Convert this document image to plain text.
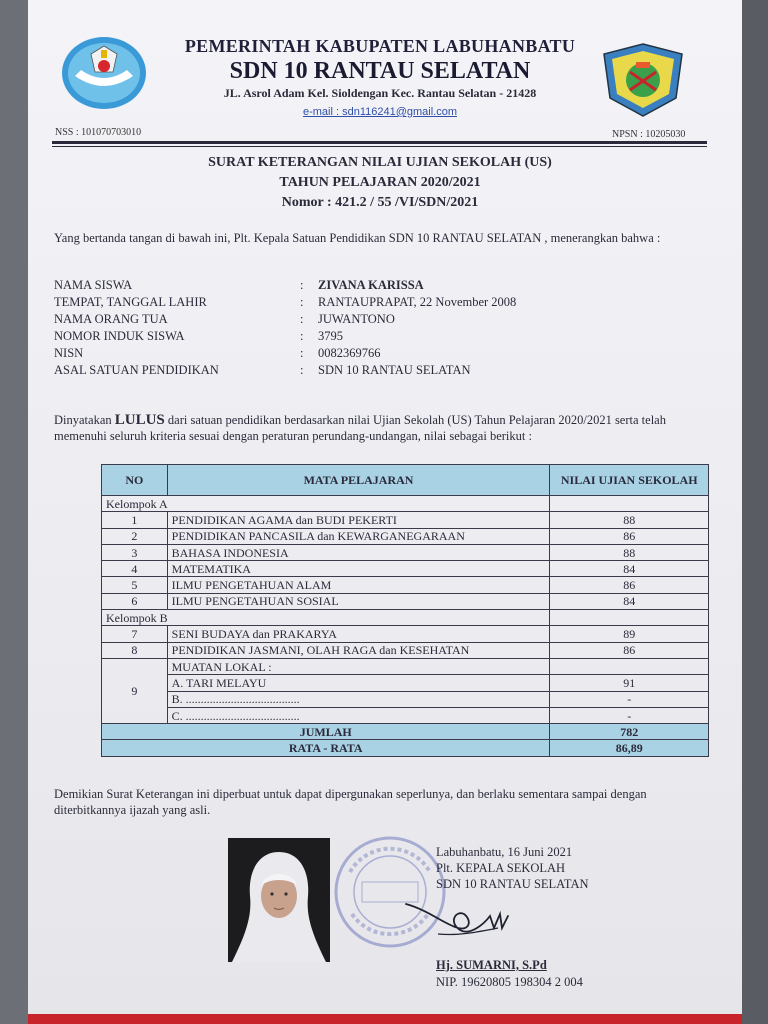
PEMERINTAH KABUPATEN LABUHANBATU
SDN 10 RANTAU SELATAN
JL. Asrol Adam Kel. Sioldengan Kec. Rantau Selatan - 21428
e-mail : sdn116241@gmail.com
NSS : 101070703010	NPSN : 10205030
SURAT KETERANGAN NILAI UJIAN SEKOLAH (US)
TAHUN PELAJARAN 2020/2021
Nomor : 421.2 / 55 /VI/SDN/2021
Yang bertanda tangan di bawah ini, Plt. Kepala Satuan Pendidikan SDN 10 RANTAU SELATAN , menerangkan bahwa :
NAMA SISWA	: ZIVANA KARISSA
TEMPAT, TANGGAL LAHIR	: RANTAUPRAPAT, 22 November 2008
NAMA ORANG TUA	: JUWANTONO
NOMOR INDUK SISWA	: 3795
NISN	: 0082369766
ASAL SATUAN PENDIDIKAN	: SDN 10 RANTAU SELATAN
Dinyatakan LULUS dari satuan pendidikan berdasarkan nilai Ujian Sekolah (US) Tahun Pelajaran 2020/2021 serta telah memenuhi seluruh kriteria sesuai dengan peraturan perundang-undangan, nilai sebagai berikut :
NO	MATA PELAJARAN	NILAI UJIAN SEKOLAH
Kelompok A		
1	PENDIDIKAN AGAMA dan BUDI PEKERTI	88
2	PENDIDIKAN PANCASILA dan KEWARGANEGARAAN	86
3	BAHASA INDONESIA	88
4	MATEMATIKA	84
5	ILMU PENGETAHUAN ALAM	86
6	ILMU PENGETAHUAN SOSIAL	84
Kelompok B		
7	SENI BUDAYA dan PRAKARYA	89
8	PENDIDIKAN JASMANI, OLAH RAGA dan KESEHATAN	86
9	MUATAN LOKAL :	
	A. TARI MELAYU	91
	B. ......................................	-
	C. ......................................	-
JUMLAH		782
RATA - RATA		86,89
Demikian Surat Keterangan ini diperbuat untuk dapat dipergunakan seperlunya, dan berlaku sementara sampai dengan diterbitkannya ijazah yang asli.
Labuhanbatu, 16 Juni 2021
Plt. KEPALA SEKOLAH
SDN 10 RANTAU SELATAN
Hj. SUMARNI, S.Pd
NIP. 19620805 198304 2 004
